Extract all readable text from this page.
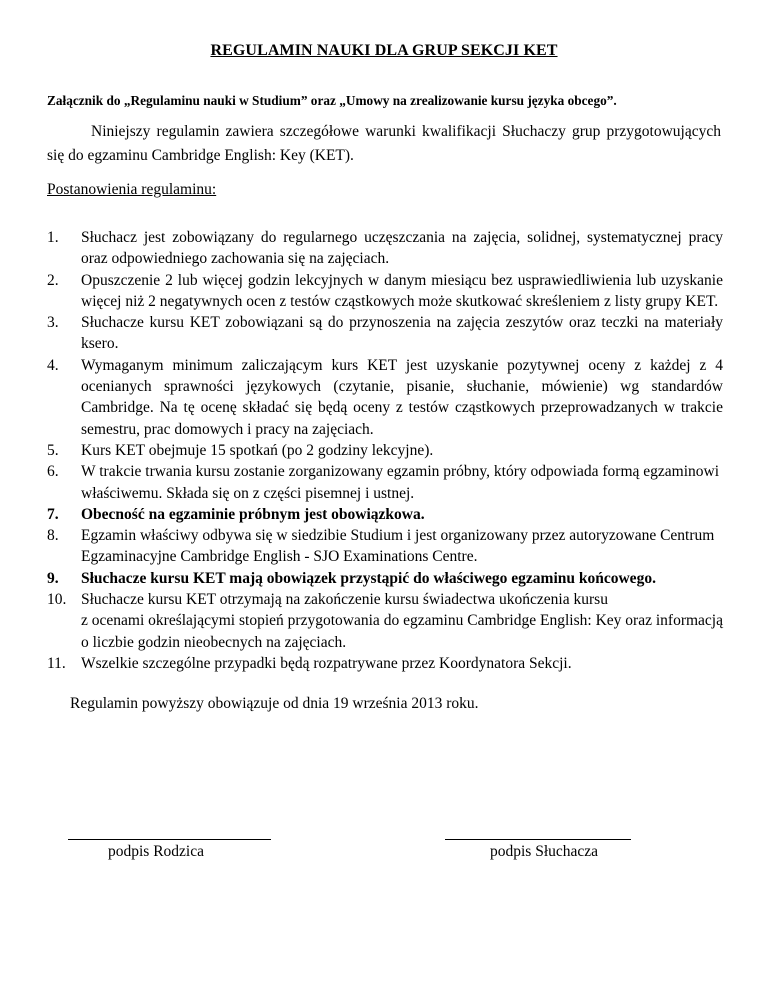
REGULAMIN NAUKI DLA GRUP SEKCJI KET
Załącznik do „Regulaminu nauki w Studium” oraz „Umowy na zrealizowanie kursu języka obcego”.
Niniejszy regulamin zawiera szczegółowe warunki kwalifikacji Słuchaczy grup przygotowujących się do egzaminu Cambridge English: Key (KET).
Postanowienia regulaminu:
1.	Słuchacz jest zobowiązany do regularnego uczęszczania na zajęcia, solidnej, systematycznej pracy oraz odpowiedniego zachowania się na zajęciach.
2.	Opuszczenie 2 lub więcej godzin lekcyjnych w danym miesiącu bez usprawiedliwienia lub uzyskanie więcej niż 2 negatywnych ocen z testów cząstkowych może skutkować skreśleniem z listy grupy KET.
3.	Słuchacze kursu KET zobowiązani są do przynoszenia na zajęcia zeszytów oraz teczki na materiały ksero.
4.	Wymaganym minimum zaliczającym kurs KET jest uzyskanie pozytywnej oceny z każdej z 4 ocenianych sprawności językowych (czytanie, pisanie, słuchanie, mówienie) wg standardów Cambridge. Na tę ocenę składać się będą oceny z testów cząstkowych przeprowadzanych w trakcie semestru, prac domowych i pracy na zajęciach.
5.	Kurs KET obejmuje 15 spotkań (po 2 godziny lekcyjne).
6.	W trakcie trwania kursu zostanie zorganizowany egzamin próbny, który odpowiada formą egzaminowi właściwemu. Składa się on z części pisemnej i ustnej.
7.	Obecność na egzaminie próbnym jest obowiązkowa.
8.	Egzamin właściwy odbywa się w siedzibie Studium i jest organizowany przez autoryzowane Centrum Egzaminacyjne Cambridge English - SJO Examinations Centre.
9.	Słuchacze kursu KET mają obowiązek przystąpić do właściwego egzaminu końcowego.
10. Słuchacze kursu KET otrzymają na zakończenie kursu świadectwa ukończenia kursu
z ocenami określającymi stopień przygotowania do egzaminu Cambridge English: Key oraz informacją o liczbie godzin nieobecnych na zajęciach.
11. Wszelkie szczególne przypadki będą rozpatrywane przez Koordynatora Sekcji.
Regulamin powyższy obowiązuje od dnia 19 września 2013 roku.
podpis Rodzica	podpis Słuchacza
